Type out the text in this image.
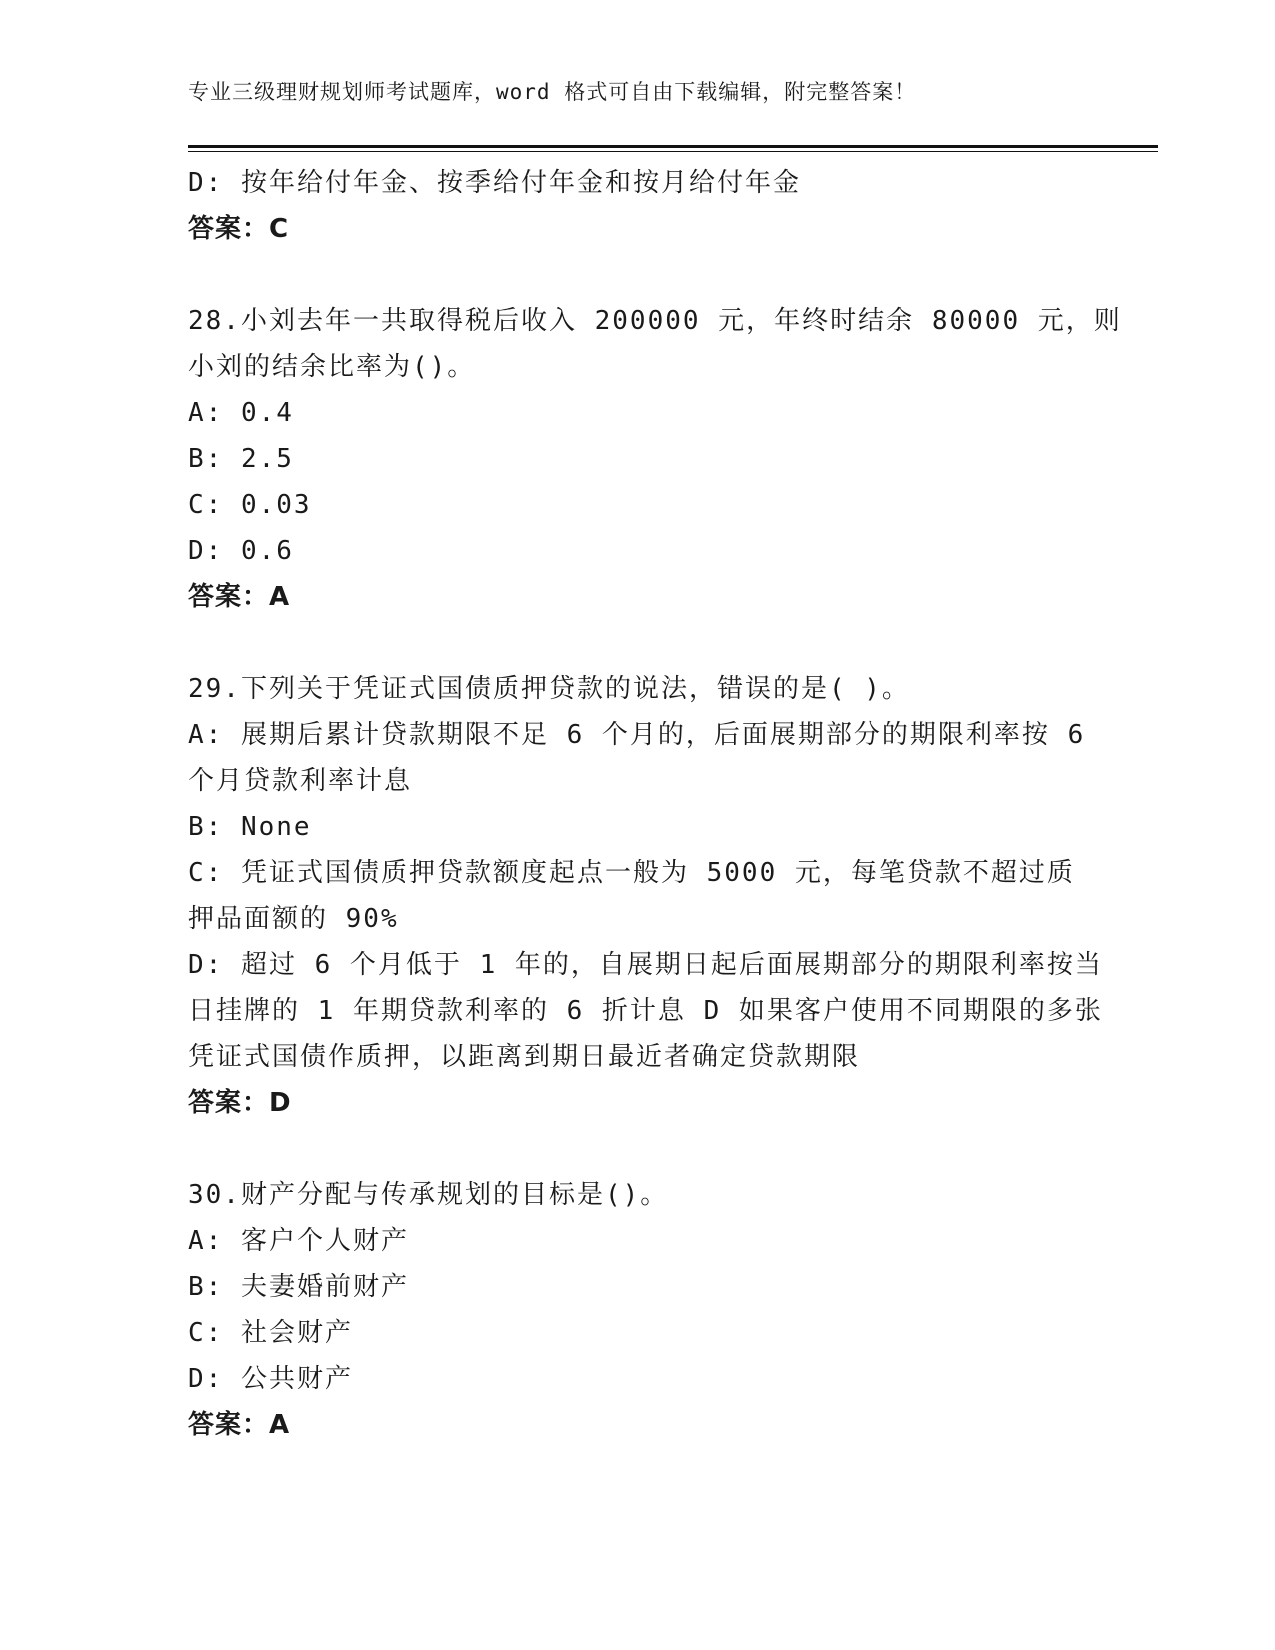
专业三级理财规划师考试题库，word 格式可自由下载编辑，附完整答案！
D: 按年给付年金、按季给付年金和按月给付年金
答案：C
28.小刘去年一共取得税后收入 200000 元，年终时结余 80000 元，则
小刘的结余比率为()。
A: 0.4
B: 2.5
C: 0.03
D: 0.6
答案：A
29.下列关于凭证式国债质押贷款的说法，错误的是( )。
A: 展期后累计贷款期限不足 6 个月的，后面展期部分的期限利率按 6
个月贷款利率计息
B: None
C: 凭证式国债质押贷款额度起点一般为 5000 元，每笔贷款不超过质
押品面额的 90%
D: 超过 6 个月低于 1 年的，自展期日起后面展期部分的期限利率按当
日挂牌的 1 年期贷款利率的 6 折计息 D 如果客户使用不同期限的多张
凭证式国债作质押，以距离到期日最近者确定贷款期限
答案：D
30.财产分配与传承规划的目标是()。
A: 客户个人财产
B: 夫妻婚前财产
C: 社会财产
D: 公共财产
答案：A
